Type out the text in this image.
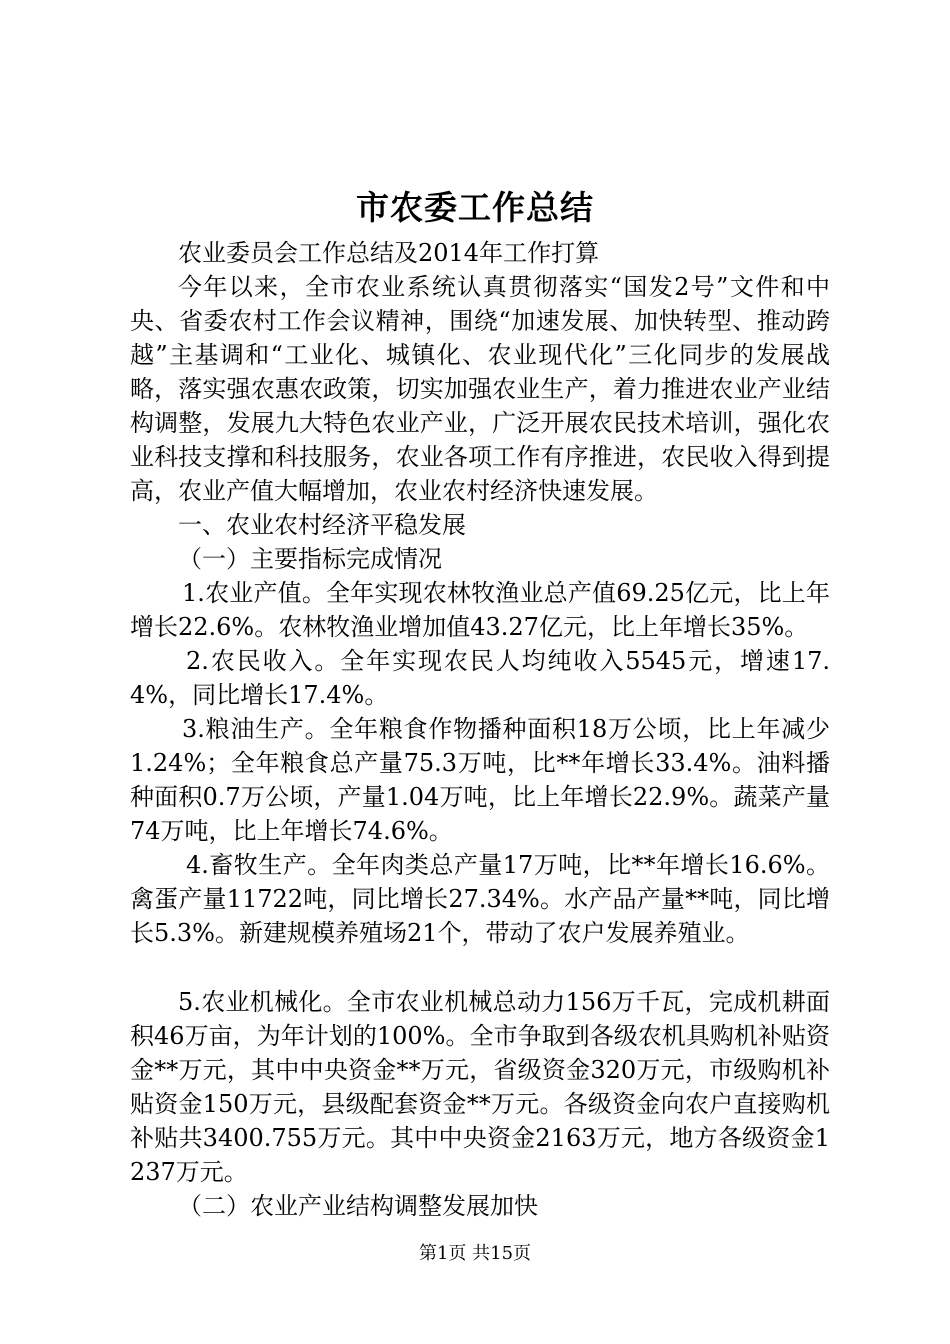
市农委工作总结

农业委员会工作总结及2014年工作打算

今年以来，全市农业系统认真贯彻落实“国发2号”文件和中央、省委农村工作会议精神，围绕“加速发展、加快转型、推动跨越”主基调和“工业化、城镇化、农业现代化”三化同步的发展战略，落实强农惠农政策，切实加强农业生产，着力推进农业产业结构调整，发展九大特色农业产业，广泛开展农民技术培训，强化农业科技支撑和科技服务，农业各项工作有序推进，农民收入得到提高，农业产值大幅增加，农业农村经济快速发展。

一、农业农村经济平稳发展

（一）主要指标完成情况

1.农业产值。全年实现农林牧渔业总产值69.25亿元，比上年增长22.6%。农林牧渔业增加值43.27亿元，比上年增长35%。

2.农民收入。全年实现农民人均纯收入5545元，增速17.4%，同比增长17.4%。

3.粮油生产。全年粮食作物播种面积18万公顷，比上年减少1.24%；全年粮食总产量75.3万吨，比**年增长33.4%。油料播种面积0.7万公顷，产量1.04万吨，比上年增长22.9%。蔬菜产量74万吨，比上年增长74.6%。

4.畜牧生产。全年肉类总产量17万吨，比**年增长16.6%。禽蛋产量11722吨，同比增长27.34%。水产品产量**吨，同比增长5.3%。新建规模养殖场21个，带动了农户发展养殖业。

5.农业机械化。全市农业机械总动力156万千瓦，完成机耕面积46万亩，为年计划的100%。全市争取到各级农机具购机补贴资金**万元，其中中央资金**万元，省级资金320万元，市级购机补贴资金150万元，县级配套资金**万元。各级资金向农户直接购机补贴共3400.755万元。其中中央资金2163万元，地方各级资金1237万元。

（二）农业产业结构调整发展加快

第1页 共15页
